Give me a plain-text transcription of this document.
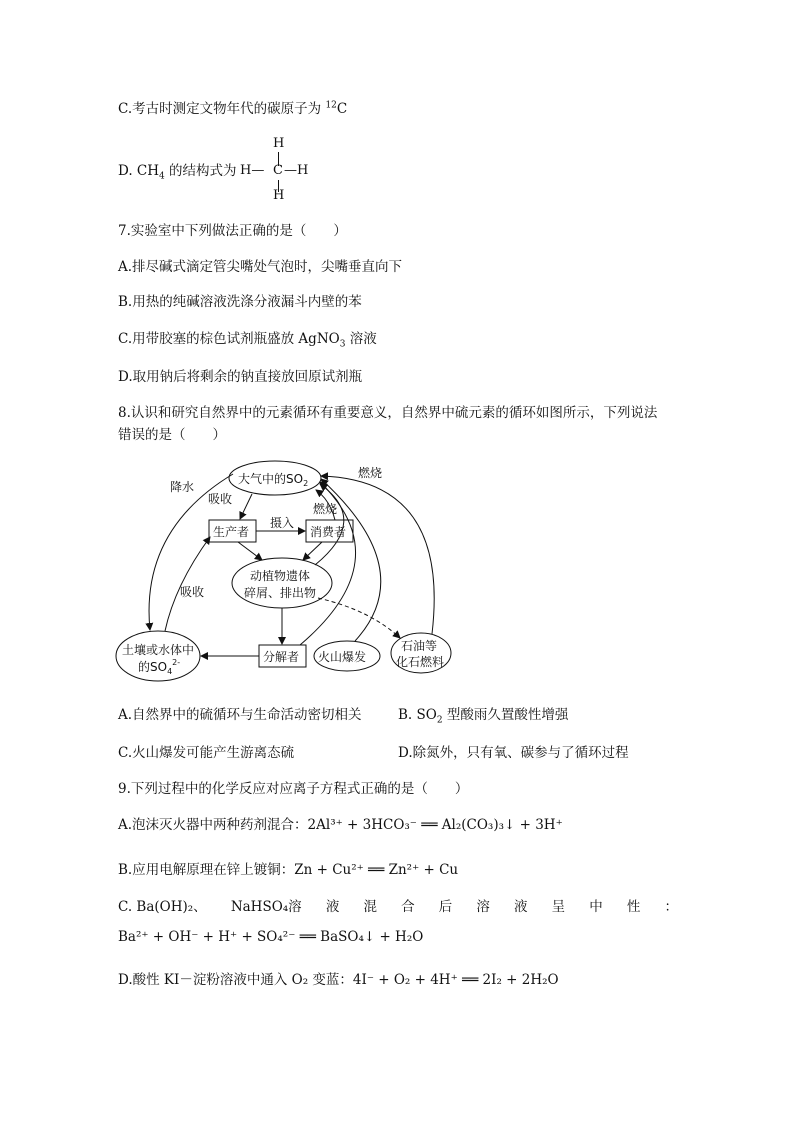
C.考古时测定文物年代的碳原子为 $^{12}$C
D. $CH_4$ 的结构式为
H
H— C —H
H
7.实验室中下列做法正确的是（　　）
A.排尽碱式滴定管尖嘴处气泡时，尖嘴垂直向下
B.用热的纯碱溶液洗涤分液漏斗内壁的苯
C.用带胶塞的棕色试剂瓶盛放 AgNO$_3$ 溶液
D.取用钠后将剩余的钠直接放回原试剂瓶
8.认识和研究自然界中的元素循环有重要意义，自然界中硫元素的循环如图所示，下列说法
错误的是（　　）
大气中的$SO_2$
生产者	消费者
分解者
动植物遗体
碎屑、排出物
土壤或水体中
的$SO_4^{2-}$	火山爆发
石油等
化石燃料
降水
吸收
燃烧
燃烧
摄入
吸收
A.自然界中的硫循环与生命活动密切相关	B. $SO_2$ 型酸雨久置酸性增强
C.火山爆发可能产生游离态硫	D.除氮外，只有氧、碳参与了循环过程
9.下列过程中的化学反应对应离子方程式正确的是（　　）
A.泡沫灭火器中两种药剂混合：2Al³⁺ + 3HCO₃⁻ ══ Al₂(CO₃)₃↓ + 3H⁺
B.应用电解原理在锌上镀铜：Zn + Cu²⁺ ══ Zn²⁺ + Cu
C. Ba(OH)₂、 NaHSO₄溶 液 混 合 后 溶 液 呈 中 性 ：
Ba²⁺ + OH⁻ + H⁺ + SO₄²⁻ ══ BaSO₄↓ + H₂O
D.酸性 KI－淀粉溶液中通入 O₂ 变蓝：4I⁻ + O₂ + 4H⁺ ══ 2I₂ + 2H₂O
